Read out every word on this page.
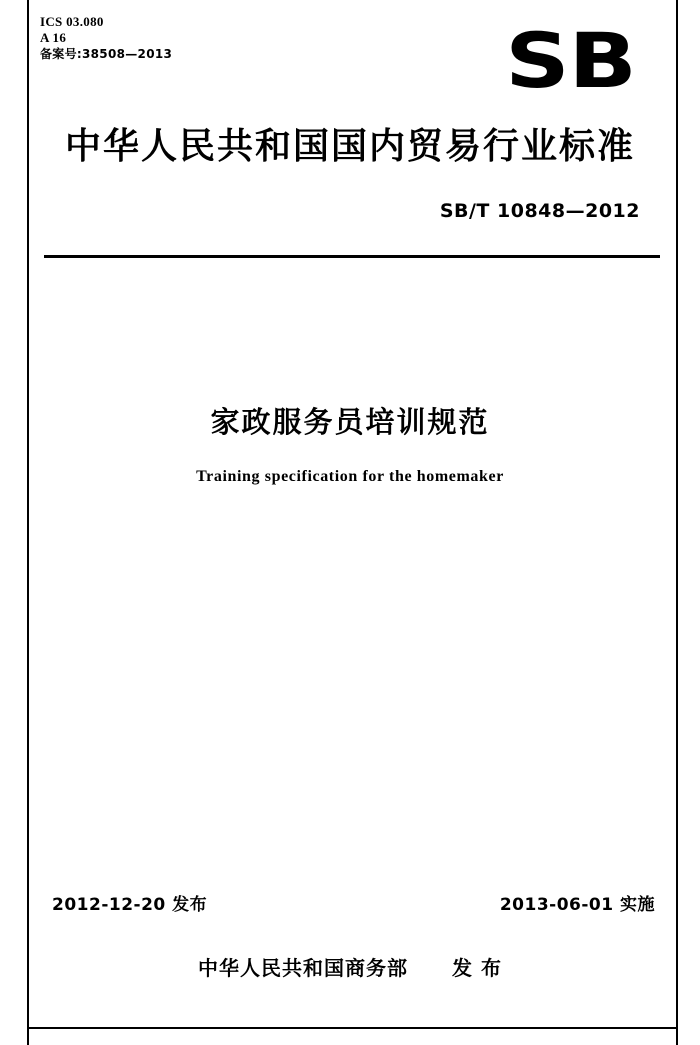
ICS 03.080
A 16
备案号:38508—2013	SB
中华人民共和国国内贸易行业标准
SB/T 10848—2012
家政服务员培训规范
Training specification for the homemaker
2012-12-20 发布	2013-06-01 实施
中华人民共和国商务部 发 布
